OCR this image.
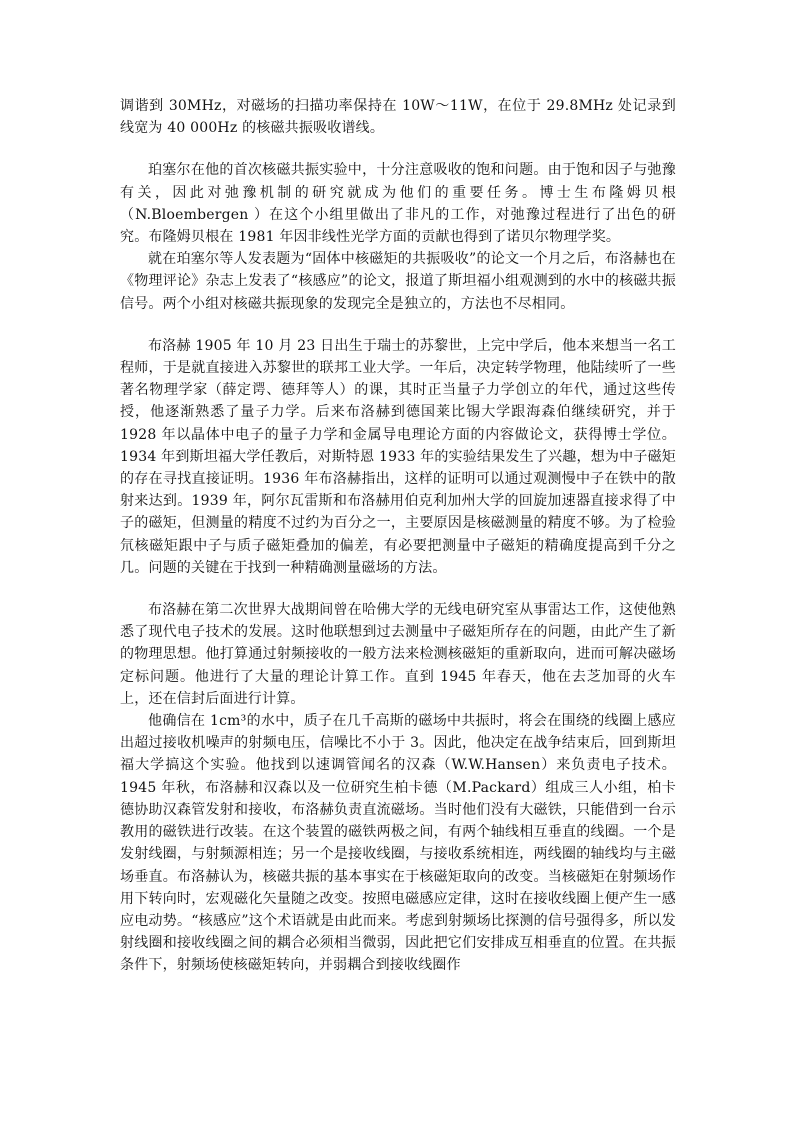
调谐到 30MHz，对磁场的扫描功率保持在 10W～11W，在位于 29.8MHz 处记录到线宽为 40 000Hz 的核磁共振吸收谱线。

珀塞尔在他的首次核磁共振实验中，十分注意吸收的饱和问题。由于饱和因子与弛豫有关，因此对弛豫机制的研究就成为他们的重要任务。博士生布隆姆贝根（N.Bloembergen ）在这个小组里做出了非凡的工作，对弛豫过程进行了出色的研究。布隆姆贝根在 1981 年因非线性光学方面的贡献也得到了诺贝尔物理学奖。

就在珀塞尔等人发表题为“固体中核磁矩的共振吸收”的论文一个月之后，布洛赫也在《物理评论》杂志上发表了“核感应”的论文，报道了斯坦福小组观测到的水中的核磁共振信号。两个小组对核磁共振现象的发现完全是独立的，方法也不尽相同。

布洛赫 1905 年 10 月 23 日出生于瑞士的苏黎世，上完中学后，他本来想当一名工程师，于是就直接进入苏黎世的联邦工业大学。一年后，决定转学物理，他陆续听了一些著名物理学家（薛定谔、德拜等人）的课，其时正当量子力学创立的年代，通过这些传授，他逐渐熟悉了量子力学。后来布洛赫到德国莱比锡大学跟海森伯继续研究，并于 1928 年以晶体中电子的量子力学和金属导电理论方面的内容做论文，获得博士学位。1934 年到斯坦福大学任教后，对斯特恩 1933 年的实验结果发生了兴趣，想为中子磁矩的存在寻找直接证明。1936 年布洛赫指出，这样的证明可以通过观测慢中子在铁中的散射来达到。1939 年，阿尔瓦雷斯和布洛赫用伯克利加州大学的回旋加速器直接求得了中子的磁矩，但测量的精度不过约为百分之一，主要原因是核磁测量的精度不够。为了检验氘核磁矩跟中子与质子磁矩叠加的偏差，有必要把测量中子磁矩的精确度提高到千分之几。问题的关键在于找到一种精确测量磁场的方法。

布洛赫在第二次世界大战期间曾在哈佛大学的无线电研究室从事雷达工作，这使他熟悉了现代电子技术的发展。这时他联想到过去测量中子磁矩所存在的问题，由此产生了新的物理思想。他打算通过射频接收的一般方法来检测核磁矩的重新取向，进而可解决磁场定标问题。他进行了大量的理论计算工作。直到 1945 年春天，他在去芝加哥的火车上，还在信封后面进行计算。

他确信在 1cm³的水中，质子在几千高斯的磁场中共振时，将会在围绕的线圈上感应出超过接收机噪声的射频电压，信噪比不小于 3。因此，他决定在战争结束后，回到斯坦福大学搞这个实验。他找到以速调管闻名的汉森（W.W.Hansen）来负责电子技术。1945 年秋，布洛赫和汉森以及一位研究生柏卡德（M.Packard）组成三人小组，柏卡德协助汉森管发射和接收，布洛赫负责直流磁场。当时他们没有大磁铁，只能借到一台示教用的磁铁进行改装。在这个装置的磁铁两极之间，有两个轴线相互垂直的线圈。一个是发射线圈，与射频源相连；另一个是接收线圈，与接收系统相连，两线圈的轴线均与主磁场垂直。布洛赫认为，核磁共振的基本事实在于核磁矩取向的改变。当核磁矩在射频场作用下转向时，宏观磁化矢量随之改变。按照电磁感应定律，这时在接收线圈上便产生一感应电动势。“核感应”这个术语就是由此而来。考虑到射频场比探测的信号强得多，所以发射线圈和接收线圈之间的耦合必须相当微弱，因此把它们安排成互相垂直的位置。在共振条件下，射频场使核磁矩转向，并弱耦合到接收线圈作
